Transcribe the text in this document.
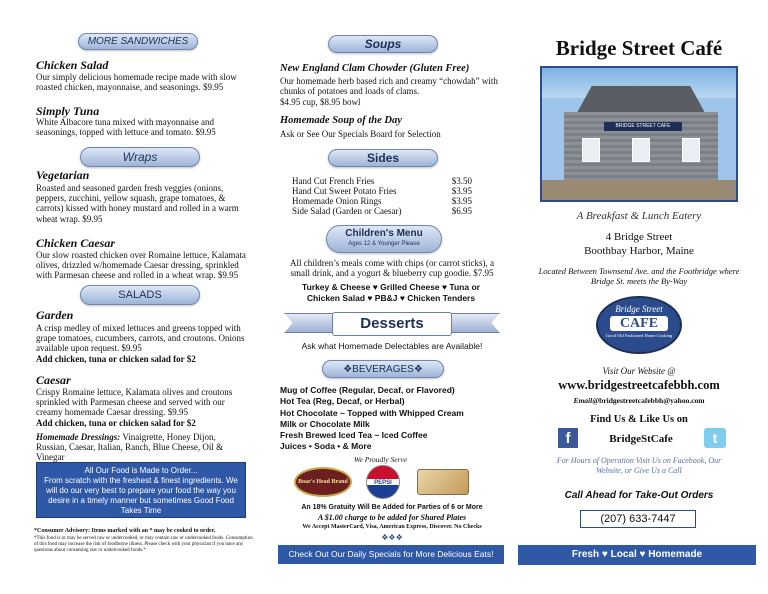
MORE SANDWICHES
Chicken Salad
Our simply delicious homemade recipe made with slow roasted chicken, mayonnaise, and seasonings. $9.95
Simply Tuna
White Albacore tuna mixed with mayonnaise and seasonings, topped with lettuce and tomato. $9.95
Wraps
Vegetarian
Roasted and seasoned garden fresh veggies (onions, peppers, zucchini, yellow squash, grape tomatoes, & carrots) kissed with honey mustard and rolled in a warm wheat wrap. $9.95
Chicken Caesar
Our slow roasted chicken over Romaine lettuce, Kalamata olives, drizzled w/homemade Caesar dressing, sprinkled with Parmesan cheese and rolled in a wheat wrap. $9.95
SALADS
Garden
A crisp medley of mixed lettuces and greens topped with grape tomatoes, cucumbers, carrots, and croutons. Onions available upon request. $9.95
Add chicken, tuna or chicken salad for $2
Caesar
Crispy Romaine lettuce, Kalamata olives and croutons sprinkled with Parmesan cheese and served with our creamy homemade Caesar dressing. $9.95
Add chicken, tuna or chicken salad for $2
Homemade Dressings: Vinaigrette, Honey Dijon, Russian, Caesar, Italian, Ranch, Blue Cheese, Oil & Vinegar
All Our Food is Made to Order...
From scratch with the freshest & finest ingredients. We will do our very best to prepare your food the way you desire in a timely manner but sometimes Good Food Takes Time
*Consumer Advisory: Items marked with an * may be cooked to order.
*This food is or may be served raw or undercooked, or may contain raw or undercooked foods. Consumption of this food may increase the risk of foodborne illness. Please check with your physician if you have any questions about consuming raw or undercooked foods.*
Soups
New England Clam Chowder (Gluten Free)
Our homemade herb based rich and creamy “chowdah” with chunks of potatoes and loads of clams.
$4.95 cup, $8.95 bowl
Homemade Soup of the Day
Ask or See Our Specials Board for Selection
Sides
Hand Cut French Fries	$3.50
Hand Cut Sweet Potato Fries	$3.95
Homemade Onion Rings	$3.95
Side Salad (Garden or Caesar)	$6.95
Children's Menu
Ages 12 & Younger Please
All children’s meals come with chips (or carrot sticks), a small drink, and a yogurt & blueberry cup goodie. $7.95
Turkey & Cheese ♥ Grilled Cheese ♥ Tuna or
Chicken Salad ♥ PB&J ♥ Chicken Tenders
Desserts
Ask what Homemade Delectables are Available!
❖BEVERAGES❖
Mug of Coffee (Regular, Decaf, or Flavored)
Hot Tea (Reg, Decaf, or Herbal)
Hot Chocolate ~ Topped with Whipped Cream
Milk or Chocolate Milk
Fresh Brewed Iced Tea ~ Iced Coffee
Juices • Soda • & More
We Proudly Serve
Boar's Head Brand	PEPSI
An 18% Gratuity Will Be Added for Parties of 6 or More
A $1.00 charge to be added for Shared Plates
We Accept MasterCard, Visa, American Express, Discover. No Checks
❖❖❖
Check Out Our Daily Specials for More Delicious Eats!
Bridge Street Café
BRIDGE STREET CAFE
A Breakfast & Lunch Eatery
4 Bridge Street
Boothbay Harbor, Maine
Located Between Townsend Ave. and the Footbridge where Bridge St. meets the By-Way
Bridge Street
CAFE
Good Old Fashioned Home Cooking
Visit Our Website @
www.bridgestreetcafebbh.com
Email@bridgestreetcafebbh@yahoo.com
Find Us & Like Us on
f	BridgeStCafe	t
For Hours of Operation Visit Us on Facebook, Our Website, or Give Us a Call
Call Ahead for Take-Out Orders
(207) 633-7447
Fresh ♥ Local ♥ Homemade
